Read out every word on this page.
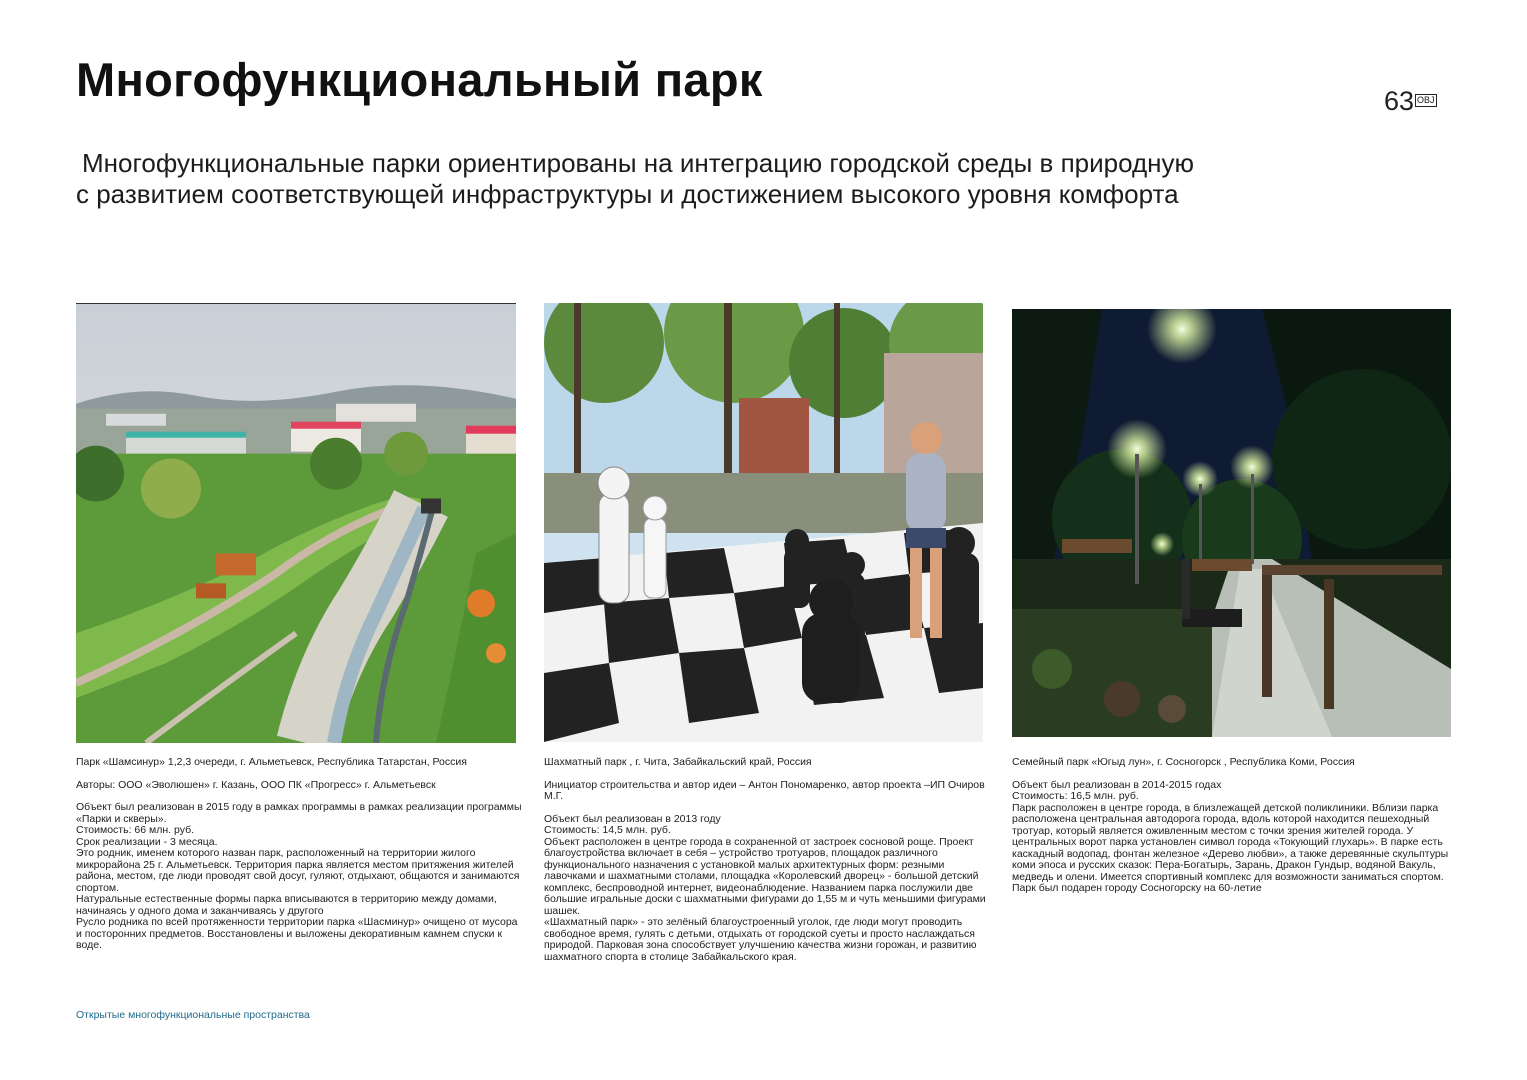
Многофункциональный парк	63 OBJ
Многофункциональные парки ориентированы на интеграцию городской среды в природную
с развитием соответствующей инфраструктуры и достижением высокого уровня комфорта

Парк «Шамсинур» 1,2,3 очереди, г. Альметьевск, Республика Татарстан, Россия

Авторы: ООО «Эволюшен» г. Казань, ООО ПК «Прогресс» г. Альметьевск

Объект был реализован в 2015 году в рамках программы в рамках реализации программы «Парки и скверы».

Стоимость: 66 млн. руб.

Срок реализации - 3 месяца.

Это родник, именем которого назван парк, расположенный на территории жилого микрорайона 25 г. Альметьевск. Территория парка является местом притяжения жителей района, местом, где люди проводят свой досуг, гуляют, отдыхают, общаются и занимаются спортом.

Натуральные естественные формы парка вписываются в территорию между домами, начинаясь у одного дома и заканчиваясь у другого

Русло родника по всей протяженности территории парка «Шасминур» очищено от мусора и посторонних предметов. Восстановлены и выложены декоративным камнем спуски к воде.

Шахматный парк , г. Чита, Забайкальский край, Россия

Инициатор строительства и автор идеи – Антон Пономаренко, автор проекта –ИП Очиров М.Г.

Объект был реализован в 2013 году

Стоимость: 14,5 млн. руб.

Объект расположен в центре города в сохраненной от застроек сосновой роще. Проект благоустройства включает в себя – устройство тротуаров, площадок различного функционального назначения с установкой малых архитектурных форм: резными лавочками и шахматными столами, площадка «Королевский дворец» - большой детский комплекс, беспроводной интернет, видеонаблюдение. Названием парка послужили две большие игральные доски с шахматными фигурами до 1,55 м и чуть меньшими фигурами шашек.

«Шахматный парк» - это зелёный благоустроенный уголок, где люди могут проводить свободное время, гулять с детьми, отдыхать от городской суеты и просто наслаждаться природой. Парковая зона способствует улучшению качества жизни горожан, и развитию шахматного спорта в столице Забайкальского края.

Семейный парк «Югыд лун», г. Сосногорск , Республика Коми, Россия

Объект был реализован в 2014-2015 годах

Стоимость: 16,5 млн. руб.

Парк расположен в центре города, в близлежащей детской поликлиники. Вблизи парка расположена центральная автодорога города, вдоль которой находится пешеходный тротуар, который является оживленным местом с точки зрения жителей города. У центральных ворот парка установлен символ города «Токующий глухарь». В парке есть каскадный водопад, фонтан железное «Дерево любви», а также деревянные скульптуры коми эпоса и русских сказок: Пера-Богатырь, Зарань, Дракон Гундыр, водяной Вакуль, медведь и олени. Имеется спортивный комплекс для возможности заниматься спортом. Парк был подарен городу Сосногорску на 60-летие

Открытые многофункциональные пространства
